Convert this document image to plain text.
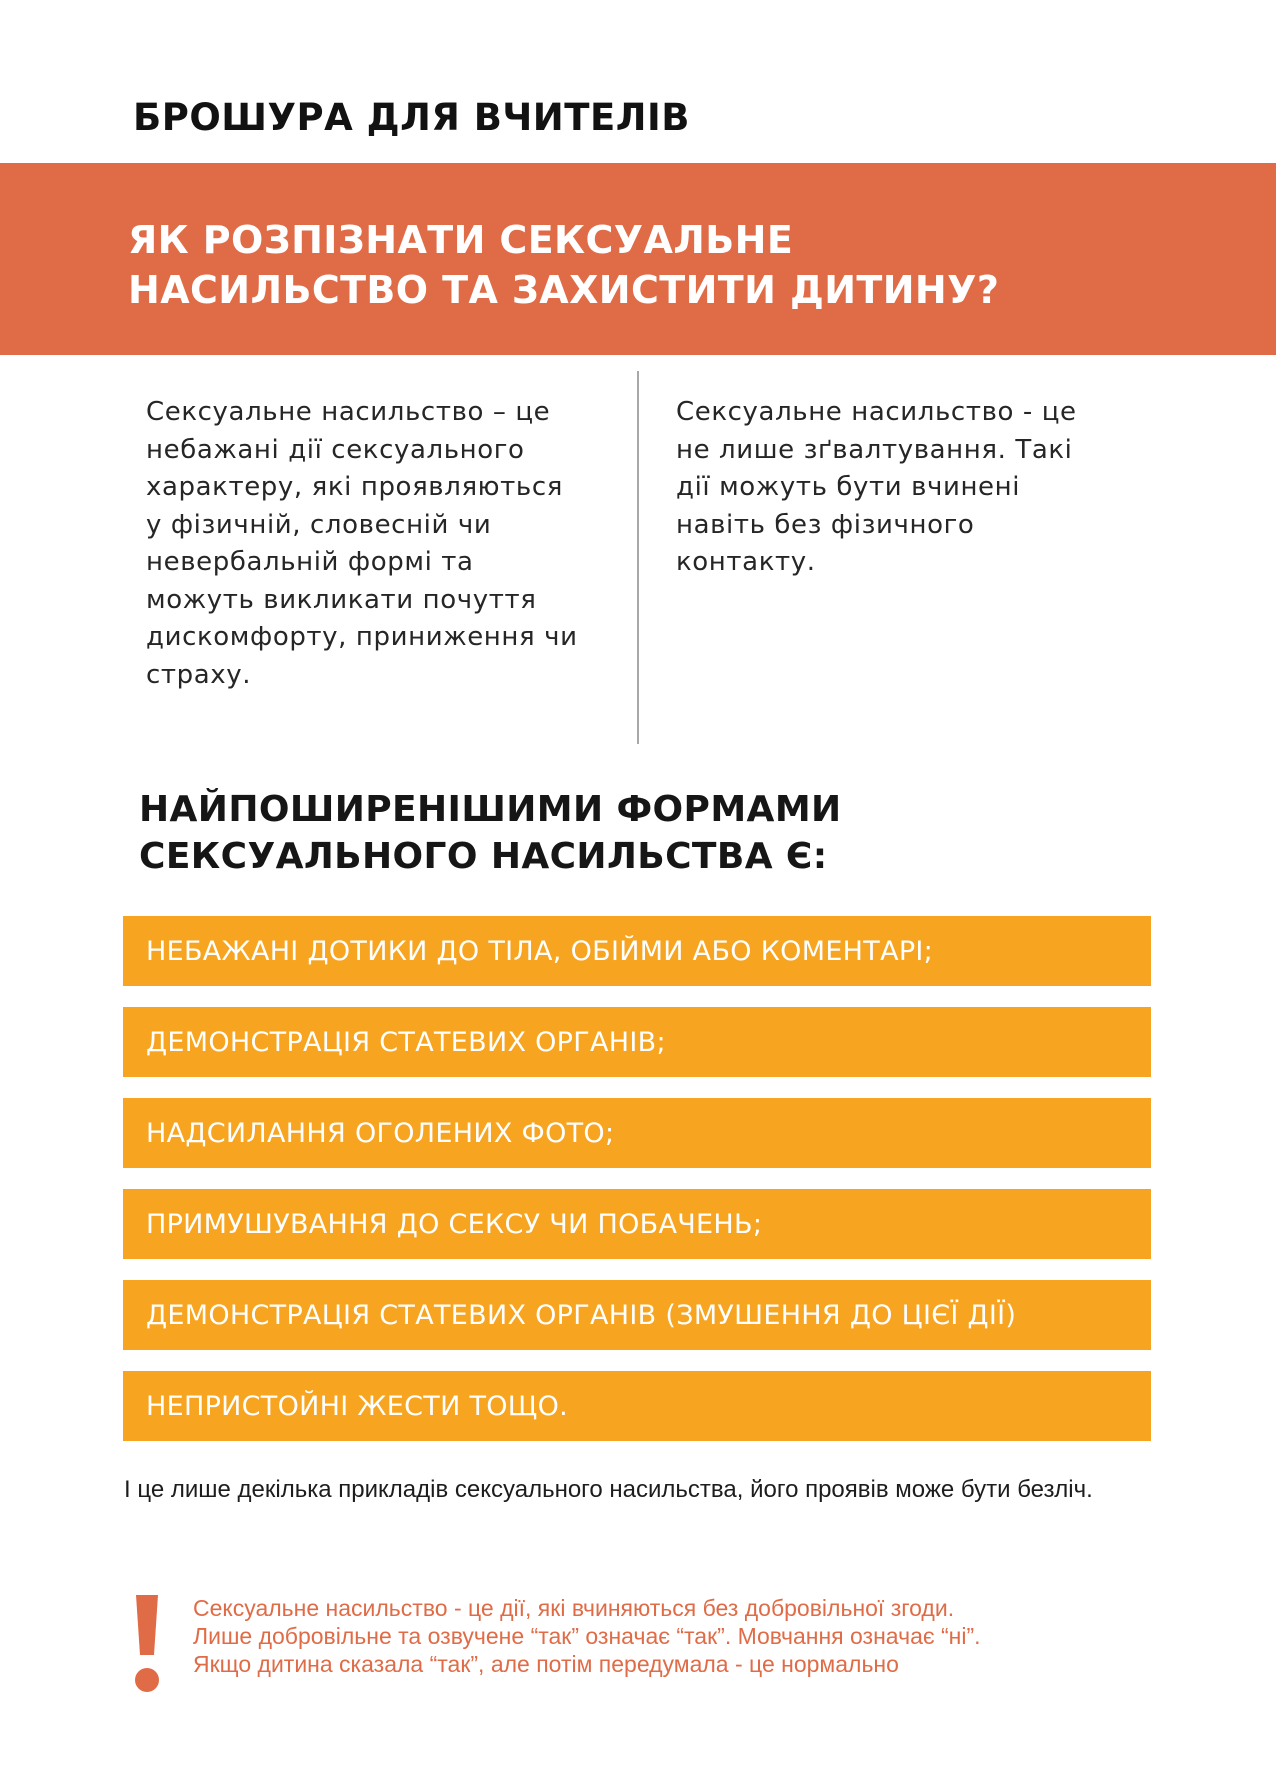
БРОШУРА ДЛЯ ВЧИТЕЛІВ
ЯК РОЗПІЗНАТИ СЕКСУАЛЬНЕ
НАСИЛЬСТВО ТА ЗАХИСТИТИ ДИТИНУ?
Сексуальне насильство – це
небажані дії сексуального
характеру, які проявляються
у фізичній, словесній чи
невербальній формі та
можуть викликати почуття
дискомфорту, приниження чи
страху.
Сексуальне насильство - це
не лише зґвалтування. Такі
дії можуть бути вчинені
навіть без фізичного
контакту.
НАЙПОШИРЕНІШИМИ ФОРМАМИ
СЕКСУАЛЬНОГО НАСИЛЬСТВА Є:
НЕБАЖАНІ ДОТИКИ ДО ТІЛА, ОБІЙМИ АБО КОМЕНТАРІ;
ДЕМОНСТРАЦІЯ СТАТЕВИХ ОРГАНІВ;
НАДСИЛАННЯ ОГОЛЕНИХ ФОТО;
ПРИМУШУВАННЯ ДО СЕКСУ ЧИ ПОБАЧЕНЬ;
ДЕМОНСТРАЦІЯ СТАТЕВИХ ОРГАНІВ (ЗМУШЕННЯ ДО ЦІЄЇ ДІЇ)
НЕПРИСТОЙНІ ЖЕСТИ ТОЩО.

І це лише декілька прикладів сексуального насильства, його проявів може бути безліч.

Сексуальне насильство - це дії, які вчиняються без добровільної згоди.
Лише добровільне та озвучене “так” означає “так”. Мовчання означає “ні”.
Якщо дитина сказала “так”, але потім передумала - це нормально
